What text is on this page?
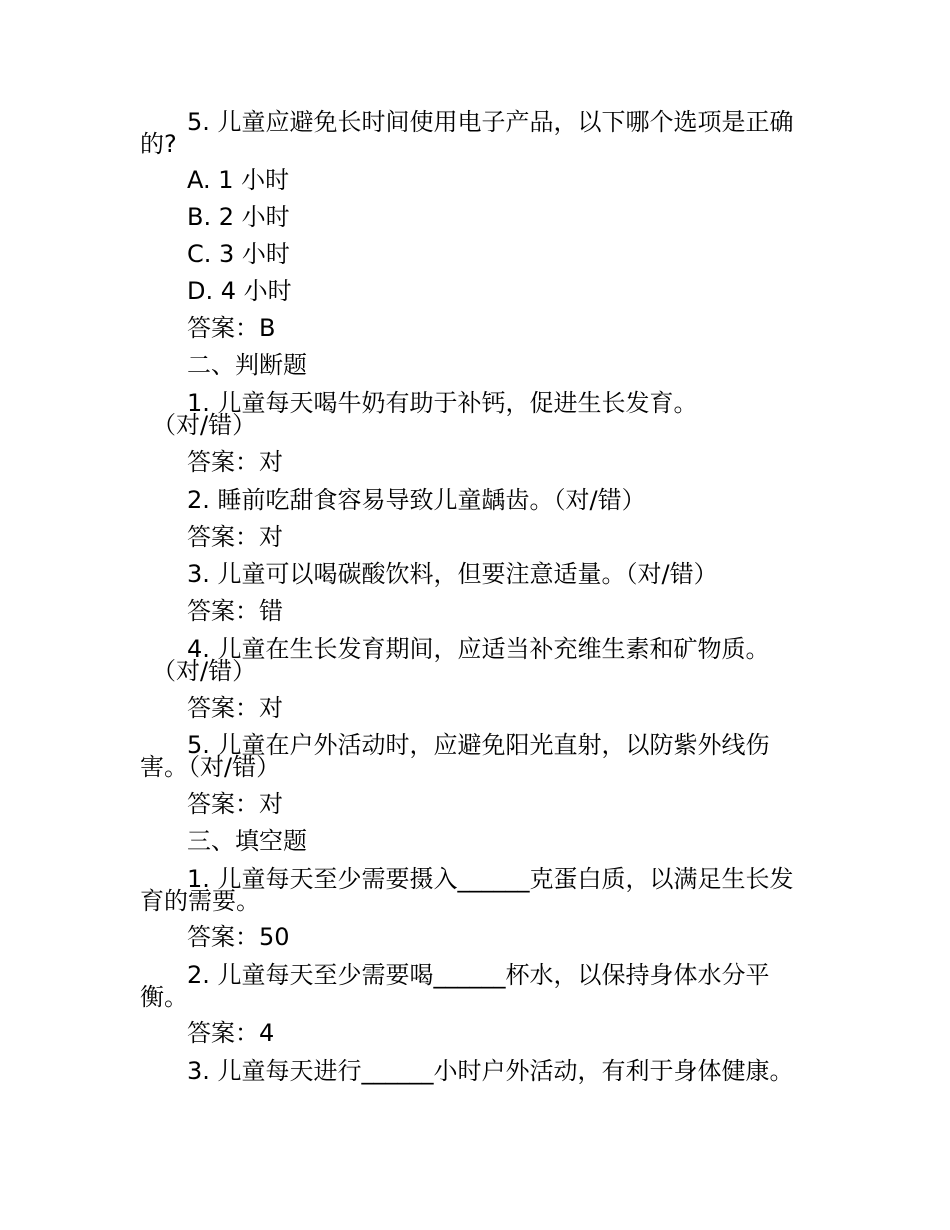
5. 儿童应避免长时间使用电子产品，以下哪个选项是正确
的?
A. 1 小时
B. 2 小时
C. 3 小时
D. 4 小时
答案：B
二、判断题
1. 儿童每天喝牛奶有助于补钙，促进生长发育。
（对/错）
答案：对
2. 睡前吃甜食容易导致儿童龋齿。（对/错）
答案：对
3. 儿童可以喝碳酸饮料，但要注意适量。（对/错）
答案：错
4. 儿童在生长发育期间，应适当补充维生素和矿物质。
（对/错）
答案：对
5. 儿童在户外活动时，应避免阳光直射，以防紫外线伤
害。（对/错）
答案：对
三、填空题
1. 儿童每天至少需要摄入______克蛋白质，以满足生长发
育的需要。
答案：50
2. 儿童每天至少需要喝______杯水，以保持身体水分平
衡。
答案：4
3. 儿童每天进行______小时户外活动，有利于身体健康。
